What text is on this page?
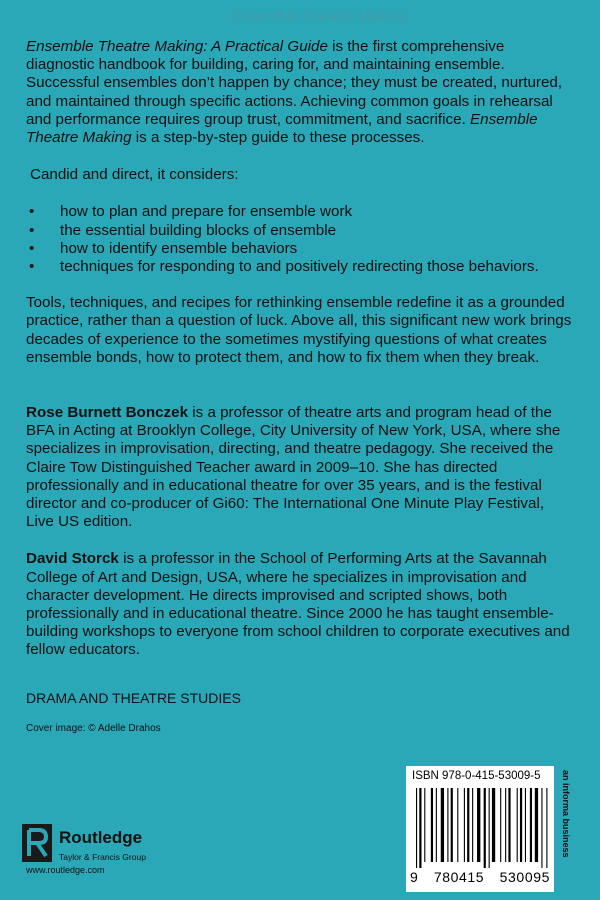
Ensemble Theatre Making

Ensemble Theatre Making: A Practical Guide is the first comprehensive diagnostic handbook for building, caring for, and maintaining ensemble. Successful ensembles don’t happen by chance; they must be created, nurtured, and maintained through specific actions. Achieving common goals in rehearsal and performance requires group trust, commitment, and sacrifice. Ensemble Theatre Making is a step-by-step guide to these processes.

Candid and direct, it considers:

• how to plan and prepare for ensemble work
• the essential building blocks of ensemble
• how to identify ensemble behaviors
• techniques for responding to and positively redirecting those behaviors.

Tools, techniques, and recipes for rethinking ensemble redefine it as a grounded practice, rather than a question of luck. Above all, this significant new work brings decades of experience to the sometimes mystifying questions of what creates ensemble bonds, how to protect them, and how to fix them when they break.

Rose Burnett Bonczek is a professor of theatre arts and program head of the BFA in Acting at Brooklyn College, City University of New York, USA, where she specializes in improvisation, directing, and theatre pedagogy. She received the Claire Tow Distinguished Teacher award in 2009–10. She has directed professionally and in educational theatre for over 35 years, and is the festival director and co-producer of Gi60: The International One Minute Play Festival, Live US edition.

David Storck is a professor in the School of Performing Arts at the Savannah College of Art and Design, USA, where he specializes in improvisation and character development. He directs improvised and scripted shows, both professionally and in educational theatre. Since 2000 he has taught ensemble-building workshops to everyone from school children to corporate executives and fellow educators.

DRAMA AND THEATRE STUDIES

Cover image: © Adelle Drahos

Routledge
Taylor & Francis Group
www.routledge.com
ISBN 978-0-415-53009-5
9 780415 530095
an informa business
